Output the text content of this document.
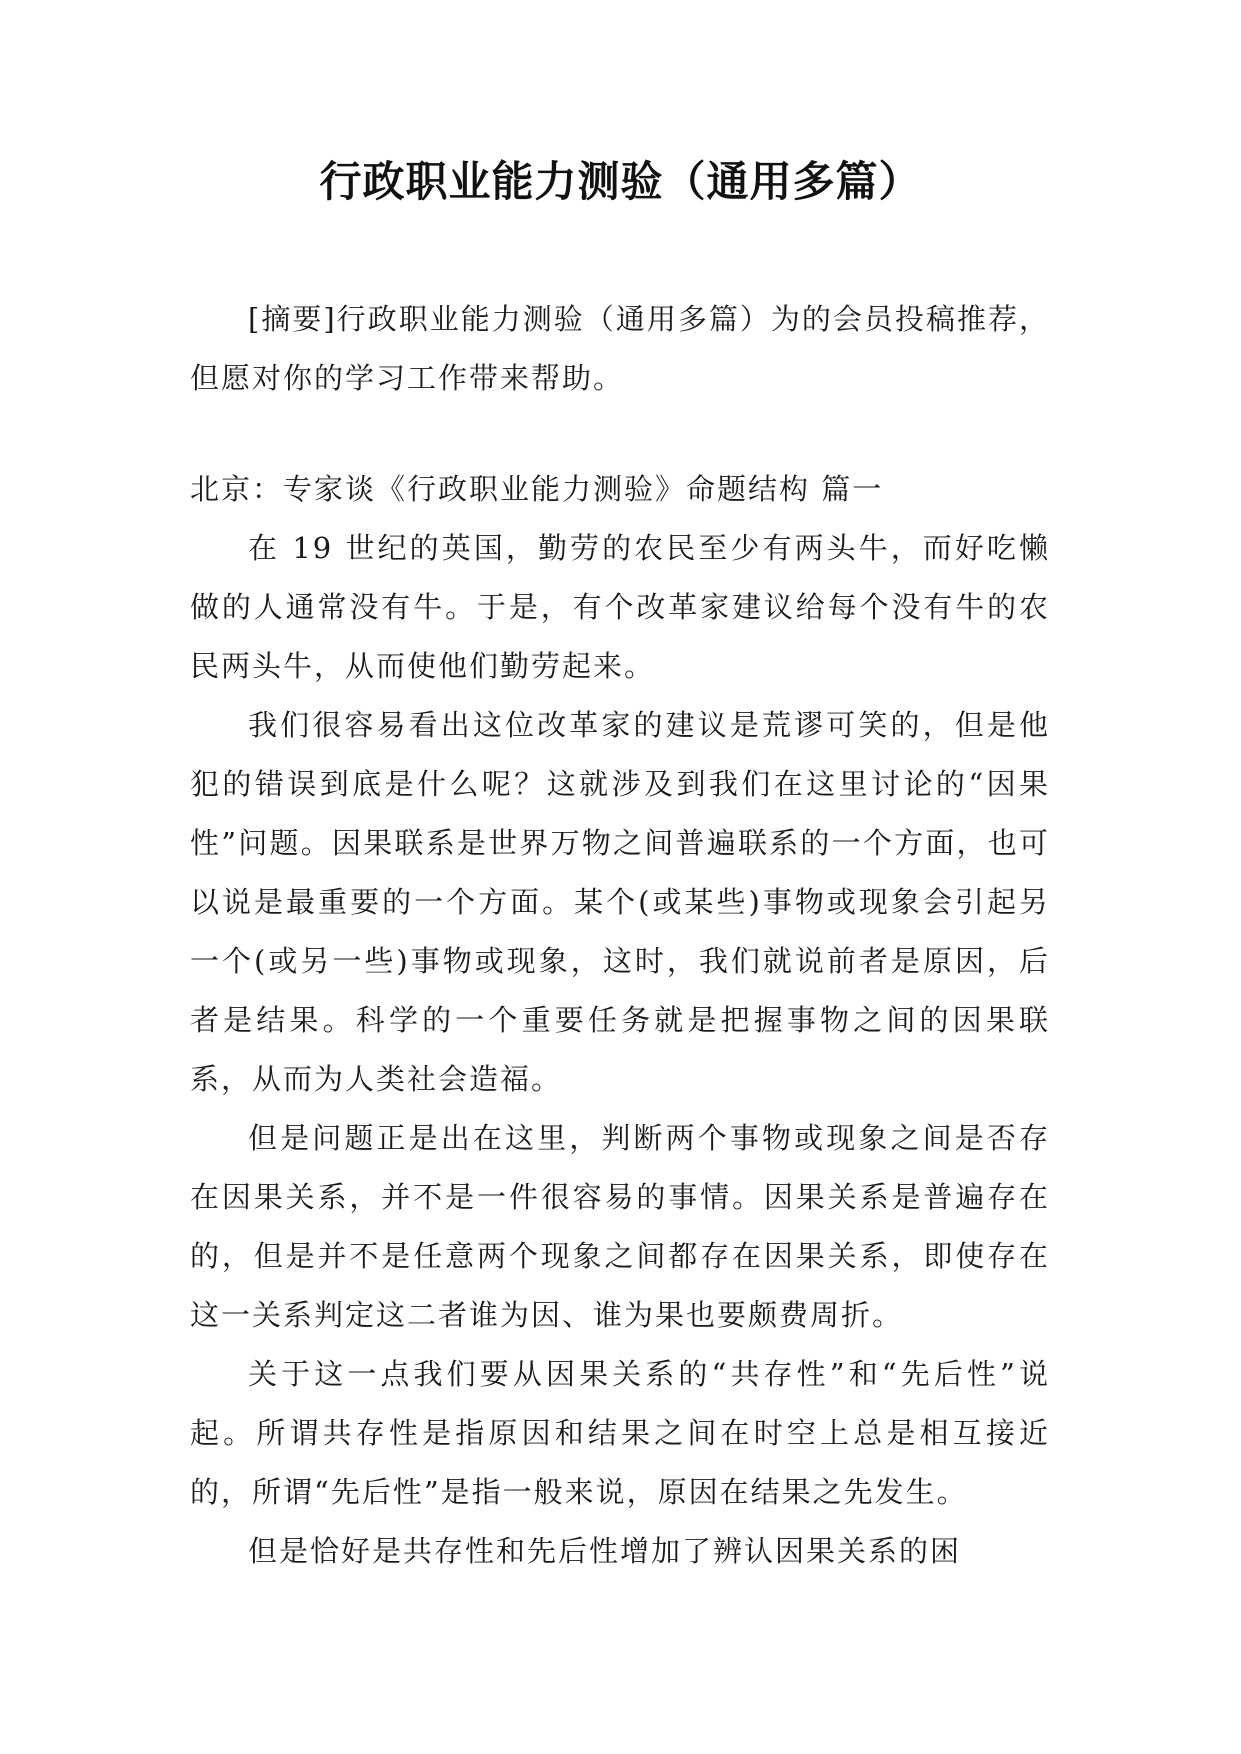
行政职业能力测验（通用多篇）

[摘要]行政职业能力测验（通用多篇）为的会员投稿推荐，但愿对你的学习工作带来帮助。

北京：专家谈《行政职业能力测验》命题结构 篇一

在 19 世纪的英国，勤劳的农民至少有两头牛，而好吃懒做的人通常没有牛。于是，有个改革家建议给每个没有牛的农民两头牛，从而使他们勤劳起来。

我们很容易看出这位改革家的建议是荒谬可笑的，但是他犯的错误到底是什么呢？这就涉及到我们在这里讨论的“因果性”问题。因果联系是世界万物之间普遍联系的一个方面，也可以说是最重要的一个方面。某个(或某些)事物或现象会引起另一个(或另一些)事物或现象，这时，我们就说前者是原因，后者是结果。科学的一个重要任务就是把握事物之间的因果联系，从而为人类社会造福。

但是问题正是出在这里，判断两个事物或现象之间是否存在因果关系，并不是一件很容易的事情。因果关系是普遍存在的，但是并不是任意两个现象之间都存在因果关系，即使存在这一关系判定这二者谁为因、谁为果也要颇费周折。

关于这一点我们要从因果关系的“共存性”和“先后性”说起。所谓共存性是指原因和结果之间在时空上总是相互接近的，所谓“先后性”是指一般来说，原因在结果之先发生。

但是恰好是共存性和先后性增加了辨认因果关系的困
